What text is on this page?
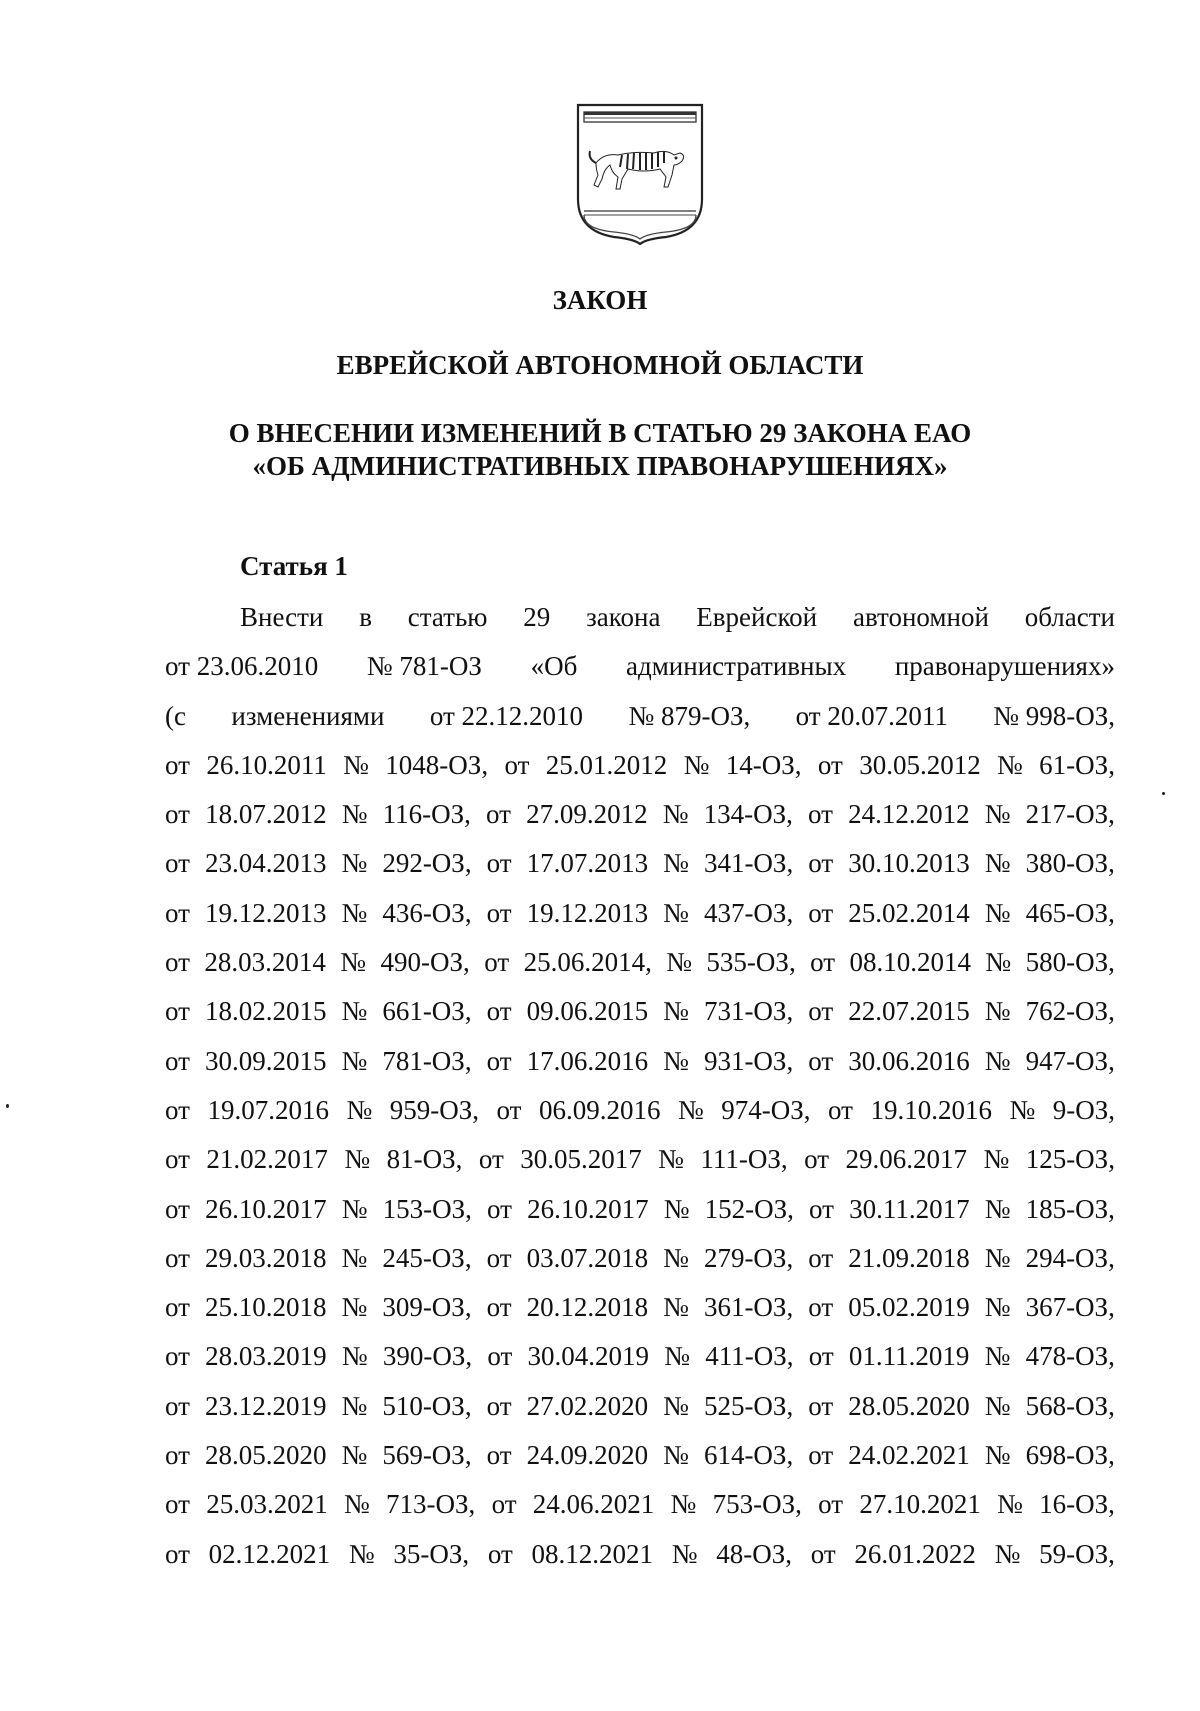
ЗАКОН
ЕВРЕЙСКОЙ АВТОНОМНОЙ ОБЛАСТИ
О ВНЕСЕНИИ ИЗМЕНЕНИЙ В СТАТЬЮ 29 ЗАКОНА ЕАО
«ОБ АДМИНИСТРАТИВНЫХ ПРАВОНАРУШЕНИЯХ»
Статья 1
Внести в статью 29 закона Еврейской автономной области
от 23.06.2010 № 781-ОЗ «Об административных правонарушениях»
(с изменениями от 22.12.2010 № 879-ОЗ, от 20.07.2011 № 998-ОЗ,
от 26.10.2011 № 1048-ОЗ, от 25.01.2012 № 14-ОЗ, от 30.05.2012 № 61-ОЗ,
от 18.07.2012 № 116-ОЗ, от 27.09.2012 № 134-ОЗ, от 24.12.2012 № 217-ОЗ,
от 23.04.2013 № 292-ОЗ, от 17.07.2013 № 341-ОЗ, от 30.10.2013 № 380-ОЗ,
от 19.12.2013 № 436-ОЗ, от 19.12.2013 № 437-ОЗ, от 25.02.2014 № 465-ОЗ,
от 28.03.2014 № 490-ОЗ, от 25.06.2014, № 535-ОЗ, от 08.10.2014 № 580-ОЗ,
от 18.02.2015 № 661-ОЗ, от 09.06.2015 № 731-ОЗ, от 22.07.2015 № 762-ОЗ,
от 30.09.2015 № 781-ОЗ, от 17.06.2016 № 931-ОЗ, от 30.06.2016 № 947-ОЗ,
от 19.07.2016 № 959-ОЗ, от 06.09.2016 № 974-ОЗ, от 19.10.2016 № 9-ОЗ,
от 21.02.2017 № 81-ОЗ, от 30.05.2017 № 111-ОЗ, от 29.06.2017 № 125-ОЗ,
от 26.10.2017 № 153-ОЗ, от 26.10.2017 № 152-ОЗ, от 30.11.2017 № 185-ОЗ,
от 29.03.2018 № 245-ОЗ, от 03.07.2018 № 279-ОЗ, от 21.09.2018 № 294-ОЗ,
от 25.10.2018 № 309-ОЗ, от 20.12.2018 № 361-ОЗ, от 05.02.2019 № 367-ОЗ,
от 28.03.2019 № 390-ОЗ, от 30.04.2019 № 411-ОЗ, от 01.11.2019 № 478-ОЗ,
от 23.12.2019 № 510-ОЗ, от 27.02.2020 № 525-ОЗ, от 28.05.2020 № 568-ОЗ,
от 28.05.2020 № 569-ОЗ, от 24.09.2020 № 614-ОЗ, от 24.02.2021 № 698-ОЗ,
от 25.03.2021 № 713-ОЗ, от 24.06.2021 № 753-ОЗ, от 27.10.2021 № 16-ОЗ,
от 02.12.2021 № 35-ОЗ, от 08.12.2021 № 48-ОЗ, от 26.01.2022 № 59-ОЗ,
